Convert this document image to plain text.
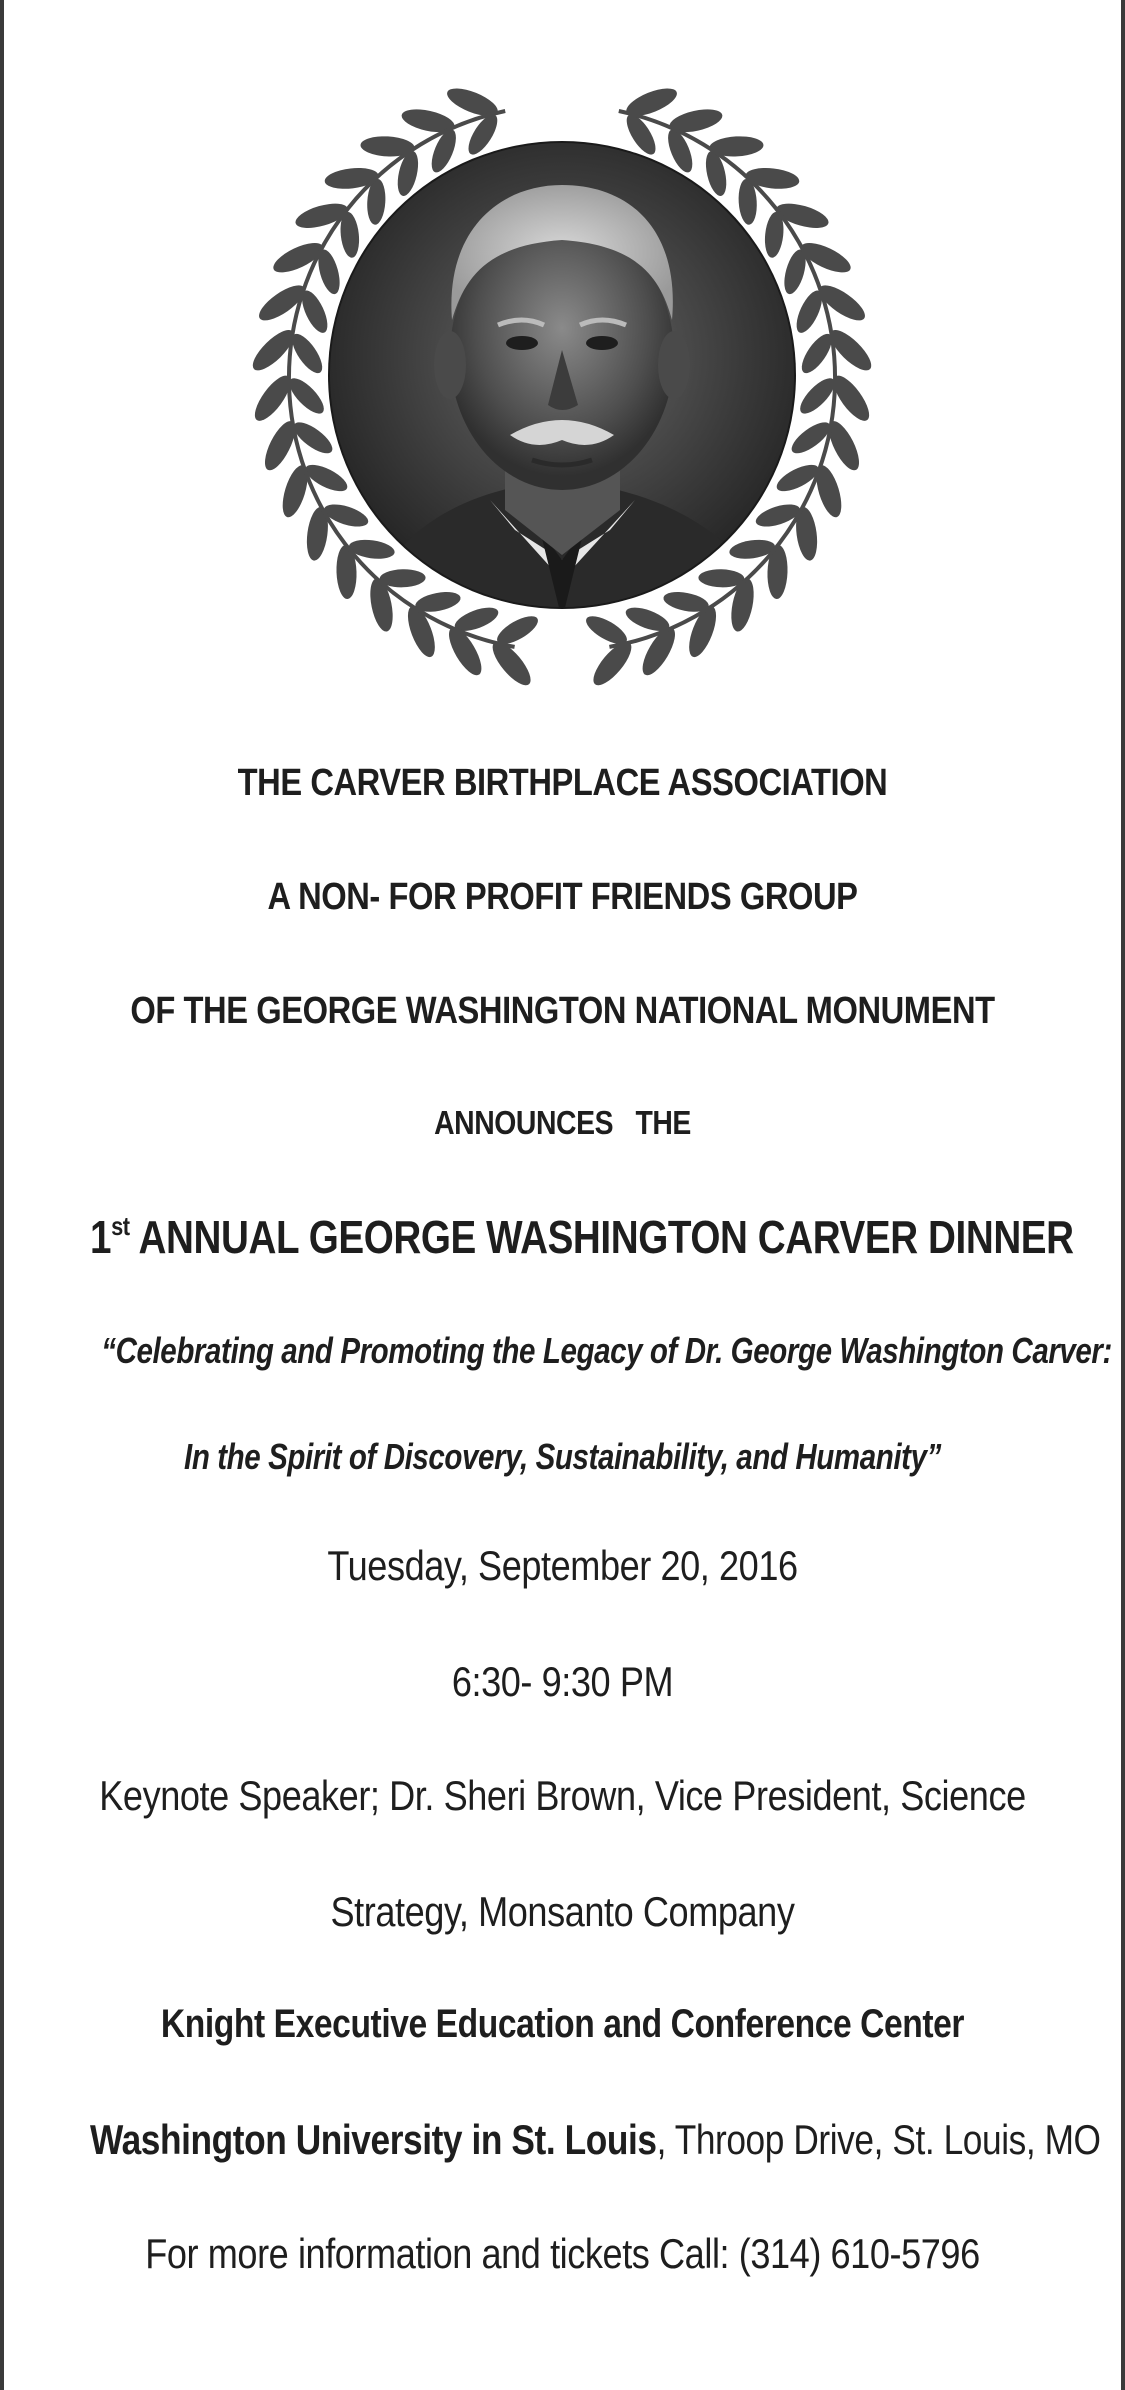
THE CARVER BIRTHPLACE ASSOCIATION
A NON- FOR PROFIT FRIENDS GROUP
OF THE GEORGE WASHINGTON NATIONAL MONUMENT
ANNOUNCES   THE
1st ANNUAL GEORGE WASHINGTON CARVER DINNER
“Celebrating and Promoting the Legacy of Dr. George Washington Carver:
In the Spirit of Discovery, Sustainability, and Humanity”
Tuesday, September 20, 2016
6:30- 9:30 PM
Keynote Speaker; Dr. Sheri Brown, Vice President, Science
Strategy, Monsanto Company
Knight Executive Education and Conference Center
Washington University in St. Louis, Throop Drive, St. Louis, MO
For more information and tickets Call: (314) 610-5796
